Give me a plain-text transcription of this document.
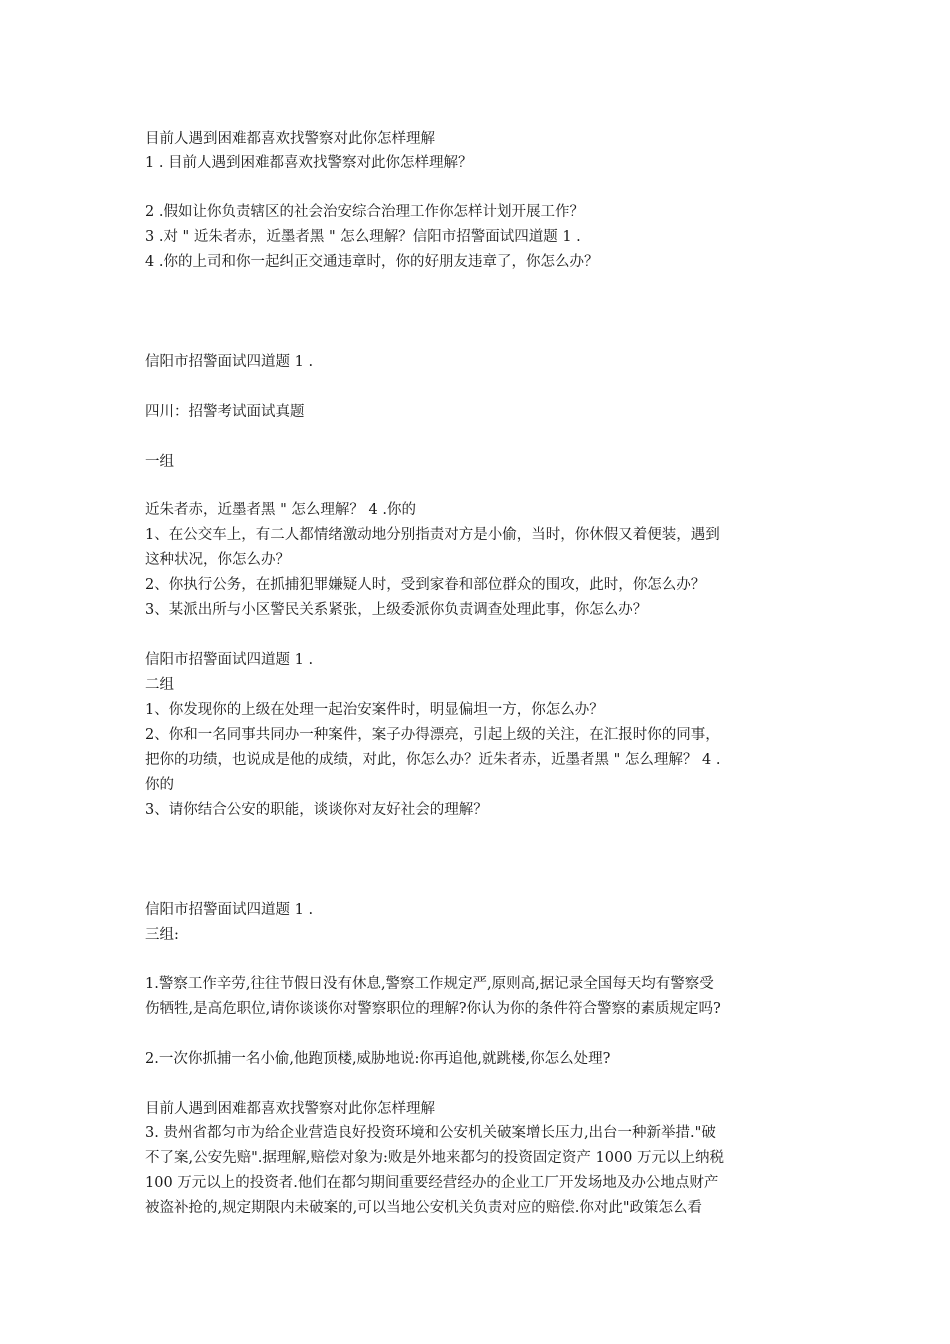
目前人遇到困难都喜欢找警察对此你怎样理解
1 . 目前人遇到困难都喜欢找警察对此你怎样理解？
2 .假如让你负责辖区的社会治安综合治理工作你怎样计划开展工作？
3 .对 " 近朱者赤，近墨者黑 " 怎么理解？信阳市招警面试四道题 1 .
4 .你的上司和你一起纠正交通违章时，你的好朋友违章了，你怎么办？
信阳市招警面试四道题 1 .
四川：招警考试面试真题
一组
近朱者赤，近墨者黑 " 怎么理解？ 4 .你的
1、在公交车上，有二人都情绪激动地分别指责对方是小偷，当时，你休假又着便装，遇到
这种状况，你怎么办？
2、你执行公务，在抓捕犯罪嫌疑人时，受到家眷和部位群众的围攻，此时，你怎么办？
3、某派出所与小区警民关系紧张，上级委派你负责调查处理此事，你怎么办？
信阳市招警面试四道题 1 .
二组
1、你发现你的上级在处理一起治安案件时，明显偏坦一方，你怎么办？
2、你和一名同事共同办一种案件，案子办得漂亮，引起上级的关注，在汇报时你的同事，
把你的功绩，也说成是他的成绩，对此，你怎么办？近朱者赤，近墨者黑 " 怎么理解？ 4 .
你的
3、请你结合公安的职能，谈谈你对友好社会的理解？
信阳市招警面试四道题 1 .
三组:
1.警察工作辛劳,往往节假日没有休息,警察工作规定严,原则高,据记录全国每天均有警察受
伤牺牲,是高危职位,请你谈谈你对警察职位的理解?你认为你的条件符合警察的素质规定吗?
2.一次你抓捕一名小偷,他跑顶楼,威胁地说:你再追他,就跳楼,你怎么处理?
目前人遇到困难都喜欢找警察对此你怎样理解
3. 贵州省都匀市为给企业营造良好投资环境和公安机关破案增长压力,出台一种新举措."破
不了案,公安先赔".据理解,赔偿对象为:败是外地来都匀的投资固定资产 1000 万元以上纳税
100 万元以上的投资者.他们在都匀期间重要经营经办的企业工厂开发场地及办公地点财产
被盗补抢的,规定期限内未破案的,可以当地公安机关负责对应的赔偿.你对此"政策怎么看
